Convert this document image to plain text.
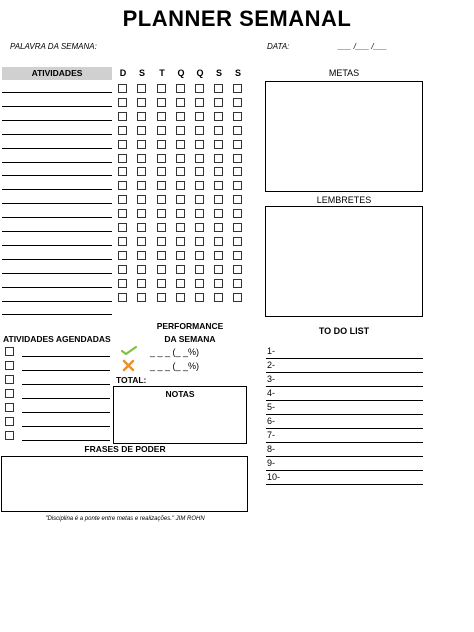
PLANNER SEMANAL
PALAVRA DA SEMANA:	DATA:	___ /___ /___
ATIVIDADES	D	S	T	Q	Q	S	S	METAS
LEMBRETES
PERFORMANCE
DA SEMANA
ATIVIDADES AGENDADAS
_ _ _ (_ _%)
_ _ _ (_ _%)
TOTAL:
NOTAS
TO DO LIST
1-
2-
3-
4-
5-
6-
7-
8-
9-
10-
FRASES DE PODER
"Disciplina é a ponte entre metas e realizações." JIM ROHN
